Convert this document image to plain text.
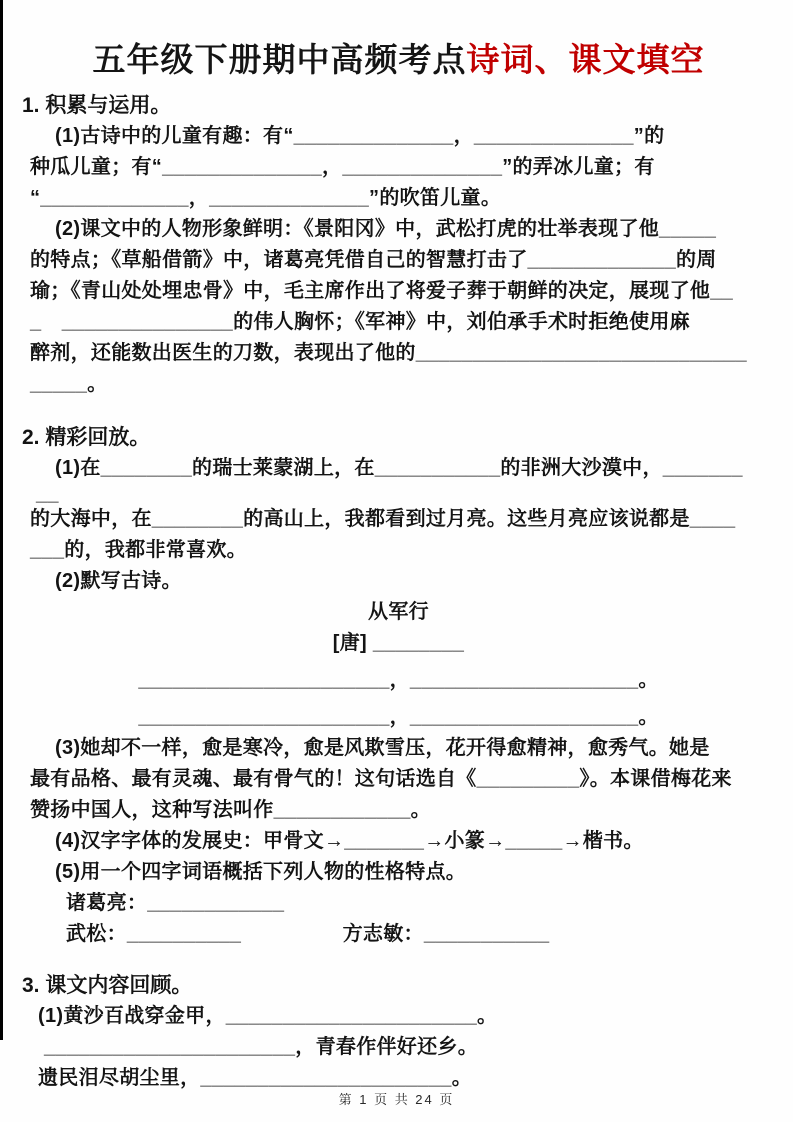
五年级下册期中高频考点诗词、课文填空
1. 积累与运用。
(1)古诗中的儿童有趣：有“______________，______________”的
种瓜儿童；有“______________，______________”的弄冰儿童；有
“_____________，______________”的吹笛儿童。
(2)课文中的人物形象鲜明：《景阳冈》中，武松打虎的壮举表现了他_____
的特点；《草船借箭》中，诸葛亮凭借自己的智慧打击了_____________的周
瑜；《青山处处埋忠骨》中，毛主席作出了将爱子葬于朝鲜的决定，展现了他__
_　_______________的伟人胸怀；《军神》中，刘伯承手术时拒绝使用麻
醉剂，还能数出医生的刀数，表现出了他的_____________________________
_____。
2. 精彩回放。
(1)在________的瑞士莱蒙湖上，在___________的非洲大沙漠中，_______
__
的大海中，在________的高山上，我都看到过月亮。这些月亮应该说都是____
___的，我都非常喜欢。
(2)默写古诗。
从军行
[唐] ________
______________________，____________________。
______________________，____________________。
(3)她却不一样，愈是寒冷，愈是风欺雪压，花开得愈精神，愈秀气。她是
最有品格、最有灵魂、最有骨气的！这句话选自《_________》。本课借梅花来
赞扬中国人，这种写法叫作____________。
(4)汉字字体的发展史：甲骨文→_______→小篆→_____→楷书。
(5)用一个四字词语概括下列人物的性格特点。
诸葛亮：____________
武松：__________　　　　　方志敏：___________
3. 课文内容回顾。
(1)黄沙百战穿金甲，______________________。
______________________，青春作伴好还乡。
遗民泪尽胡尘里，______________________。
第 1 页 共 24 页
